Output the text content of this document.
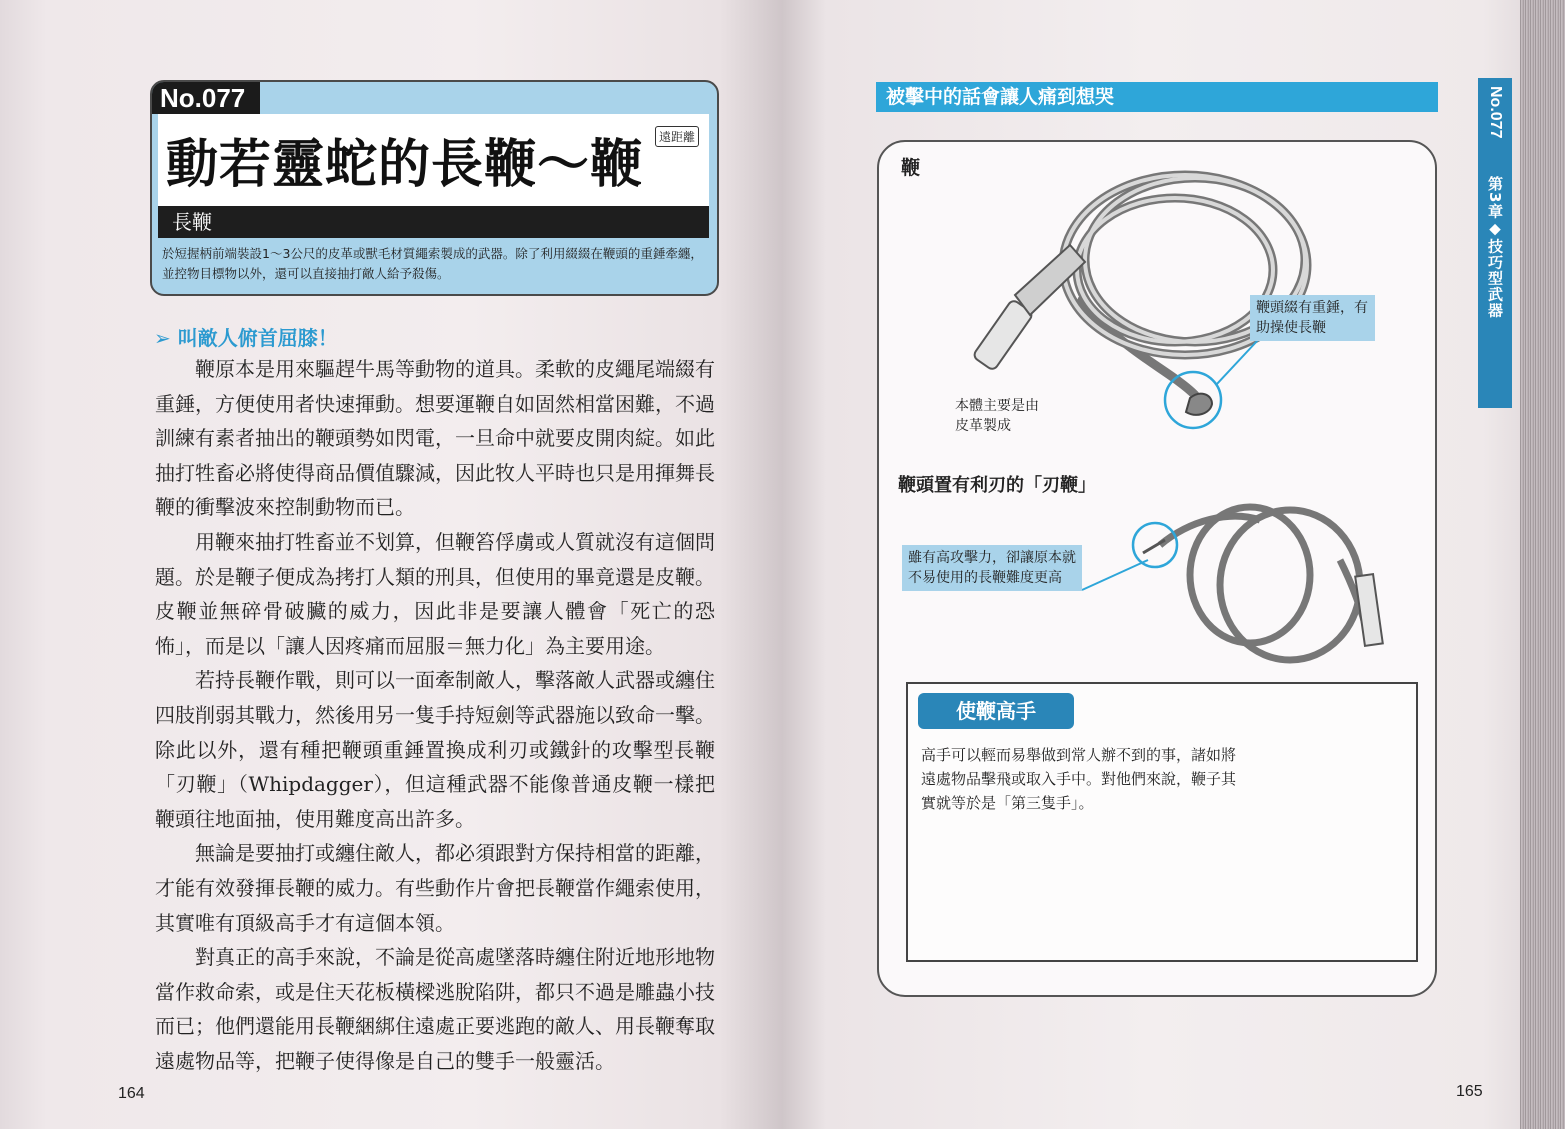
No.077
動若靈蛇的長鞭～鞭	遠距離
長鞭
於短握柄前端裝設1～3公尺的皮革或獸毛材質繩索製成的武器。除了利用綴綴在鞭頭的重錘牽纏，並控物目標物以外，還可以直接抽打敵人給予殺傷。
➢ 叫敵人俯首屈膝！

鞭原本是用來驅趕牛馬等動物的道具。柔軟的皮繩尾端綴有重錘，方便使用者快速揮動。想要運鞭自如固然相當困難，不過訓練有素者抽出的鞭頭勢如閃電，一旦命中就要皮開肉綻。如此抽打牲畜必將使得商品價值驟減，因此牧人平時也只是用揮舞長鞭的衝擊波來控制動物而已。

用鞭來抽打牲畜並不划算，但鞭笞俘虜或人質就沒有這個問題。於是鞭子便成為拷打人類的刑具，但使用的畢竟還是皮鞭。皮鞭並無碎骨破臟的威力，因此非是要讓人體會「死亡的恐怖」，而是以「讓人因疼痛而屈服＝無力化」為主要用途。

若持長鞭作戰，則可以一面牽制敵人，擊落敵人武器或纏住四肢削弱其戰力，然後用另一隻手持短劍等武器施以致命一擊。除此以外，還有種把鞭頭重錘置換成利刃或鐵針的攻擊型長鞭「刃鞭」（Whipdagger），但這種武器不能像普通皮鞭一樣把鞭頭往地面抽，使用難度高出許多。

無論是要抽打或纏住敵人，都必須跟對方保持相當的距離，才能有效發揮長鞭的威力。有些動作片會把長鞭當作繩索使用，其實唯有頂級高手才有這個本領。

對真正的高手來說，不論是從高處墜落時纏住附近地形地物當作救命索，或是住天花板橫樑逃脫陷阱，都只不過是雕蟲小技而已；他們還能用長鞭綑綁住遠處正要逃跑的敵人、用長鞭奪取遠處物品等，把鞭子使得像是自己的雙手一般靈活。

164
被擊中的話會讓人痛到想哭
鞭
鞭頭綴有重錘，有助操使長鞭
本體主要是由皮革製成
鞭頭置有利刃的「刃鞭」
雖有高攻擊力，卻讓原本就不易使用的長鞭難度更高
使鞭高手
高手可以輕而易舉做到常人辦不到的事，諸如將遠處物品擊飛或取入手中。對他們來說，鞭子其實就等於是「第三隻手」。
No.077
第3章◆技巧型武器
165
